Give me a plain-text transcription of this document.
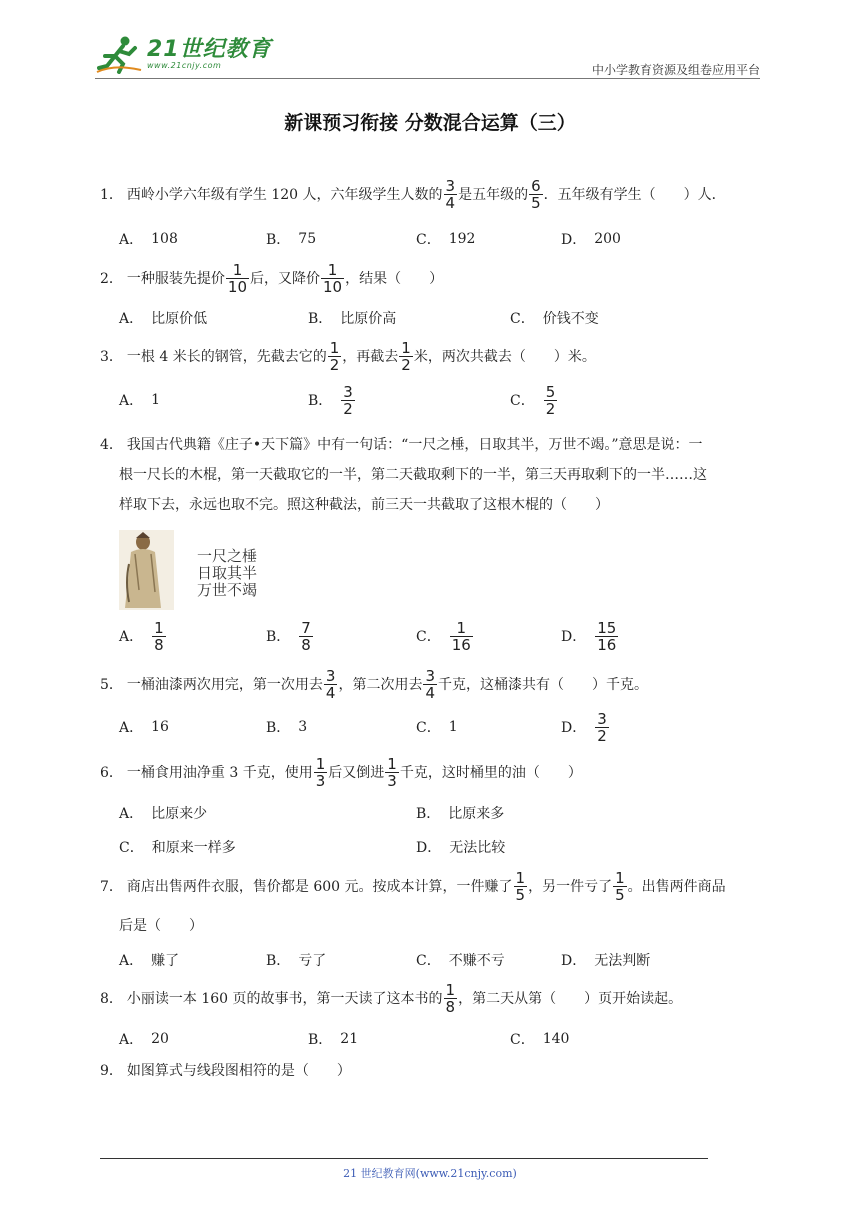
21世纪教育
www.21cnjy.com	中小学教育资源及组卷应用平台
新课预习衔接 分数混合运算（三）
1． 西岭小学六年级有学生 120 人，六年级学生人数的 $\frac{3}{4}$ 是五年级的 $\frac{6}{5}$ ．五年级有学生（　　）人．
A． 108	B． 75	C． 192	D． 200
2． 一种服装先提价 $\frac{1}{10}$ 后，又降价 $\frac{1}{10}$ ，结果（　　）
A． 比原价低	B． 比原价高	C． 价钱不变
3． 一根 4 米长的钢管，先截去它的 $\frac{1}{2}$ ，再截去 $\frac{1}{2}$ 米，两次共截去（　　）米。
A． 1	B． $\frac{3}{2}$	C． $\frac{5}{2}$
4． 我国古代典籍《庄子•天下篇》中有一句话：“一尺之棰，日取其半，万世不竭。”意思是说：一
根一尺长的木棍，第一天截取它的一半，第二天截取剩下的一半，第三天再取剩下的一半……这
样取下去，永远也取不完。照这种截法，前三天一共截取了这根木棍的（　　）
一尺之棰
日取其半
万世不竭
A． $\frac{1}{8}$	B． $\frac{7}{8}$	C． $\frac{1}{16}$	D． $\frac{15}{16}$
5． 一桶油漆两次用完，第一次用去 $\frac{3}{4}$ ，第二次用去 $\frac{3}{4}$ 千克，这桶漆共有（　　）千克。
A． 16	B． 3	C． 1	D． $\frac{3}{2}$
6． 一桶食用油净重 3 千克，使用 $\frac{1}{3}$ 后又倒进 $\frac{1}{3}$ 千克，这时桶里的油（　　）
A． 比原来少	B． 比原来多
C． 和原来一样多	D． 无法比较
7． 商店出售两件衣服，售价都是 600 元。按成本计算，一件赚了 $\frac{1}{5}$ ，另一件亏了 $\frac{1}{5}$ 。出售两件商品
后是（　　）
A． 赚了	B． 亏了	C． 不赚不亏	D． 无法判断
8． 小丽读一本 160 页的故事书，第一天读了这本书的 $\frac{1}{8}$ ，第二天从第（　　）页开始读起。
A． 20	B． 21	C． 140
9． 如图算式与线段图相符的是（　　）
21 世纪教育网(www.21cnjy.com)
